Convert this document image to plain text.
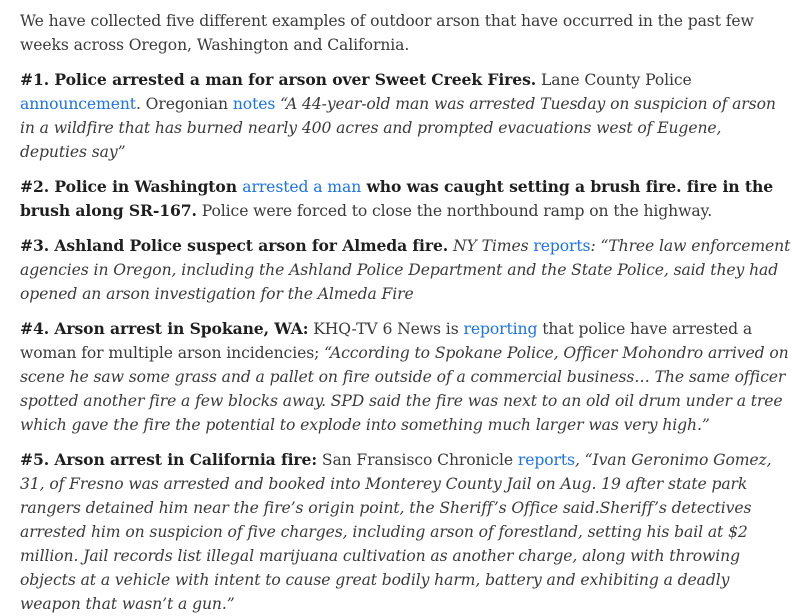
We have collected five different examples of outdoor arson that have occurred in the past few weeks across Oregon, Washington and California.

#1. Police arrested a man for arson over Sweet Creek Fires. Lane County Police announcement. Oregonian notes “A 44-year-old man was arrested Tuesday on suspicion of arson in a wildfire that has burned nearly 400 acres and prompted evacuations west of Eugene, deputies say”

#2. Police in Washington arrested a man who was caught setting a brush fire. fire in the brush along SR-167. Police were forced to close the northbound ramp on the highway.

#3. Ashland Police suspect arson for Almeda fire. NY Times reports: “Three law enforcement agencies in Oregon, including the Ashland Police Department and the State Police, said they had opened an arson investigation for the Almeda Fire

#4. Arson arrest in Spokane, WA: KHQ-TV 6 News is reporting that police have arrested a woman for multiple arson incidencies; “According to Spokane Police, Officer Mohondro arrived on scene he saw some grass and a pallet on fire outside of a commercial business… The same officer spotted another fire a few blocks away. SPD said the fire was next to an old oil drum under a tree which gave the fire the potential to explode into something much larger was very high.”

#5. Arson arrest in California fire: San Fransisco Chronicle reports, “Ivan Geronimo Gomez, 31, of Fresno was arrested and booked into Monterey County Jail on Aug. 19 after state park rangers detained him near the fire’s origin point, the Sheriff’s Office said.Sheriff’s detectives arrested him on suspicion of five charges, including arson of forestland, setting his bail at $2 million. Jail records list illegal marijuana cultivation as another charge, along with throwing objects at a vehicle with intent to cause great bodily harm, battery and exhibiting a deadly weapon that wasn’t a gun.”
